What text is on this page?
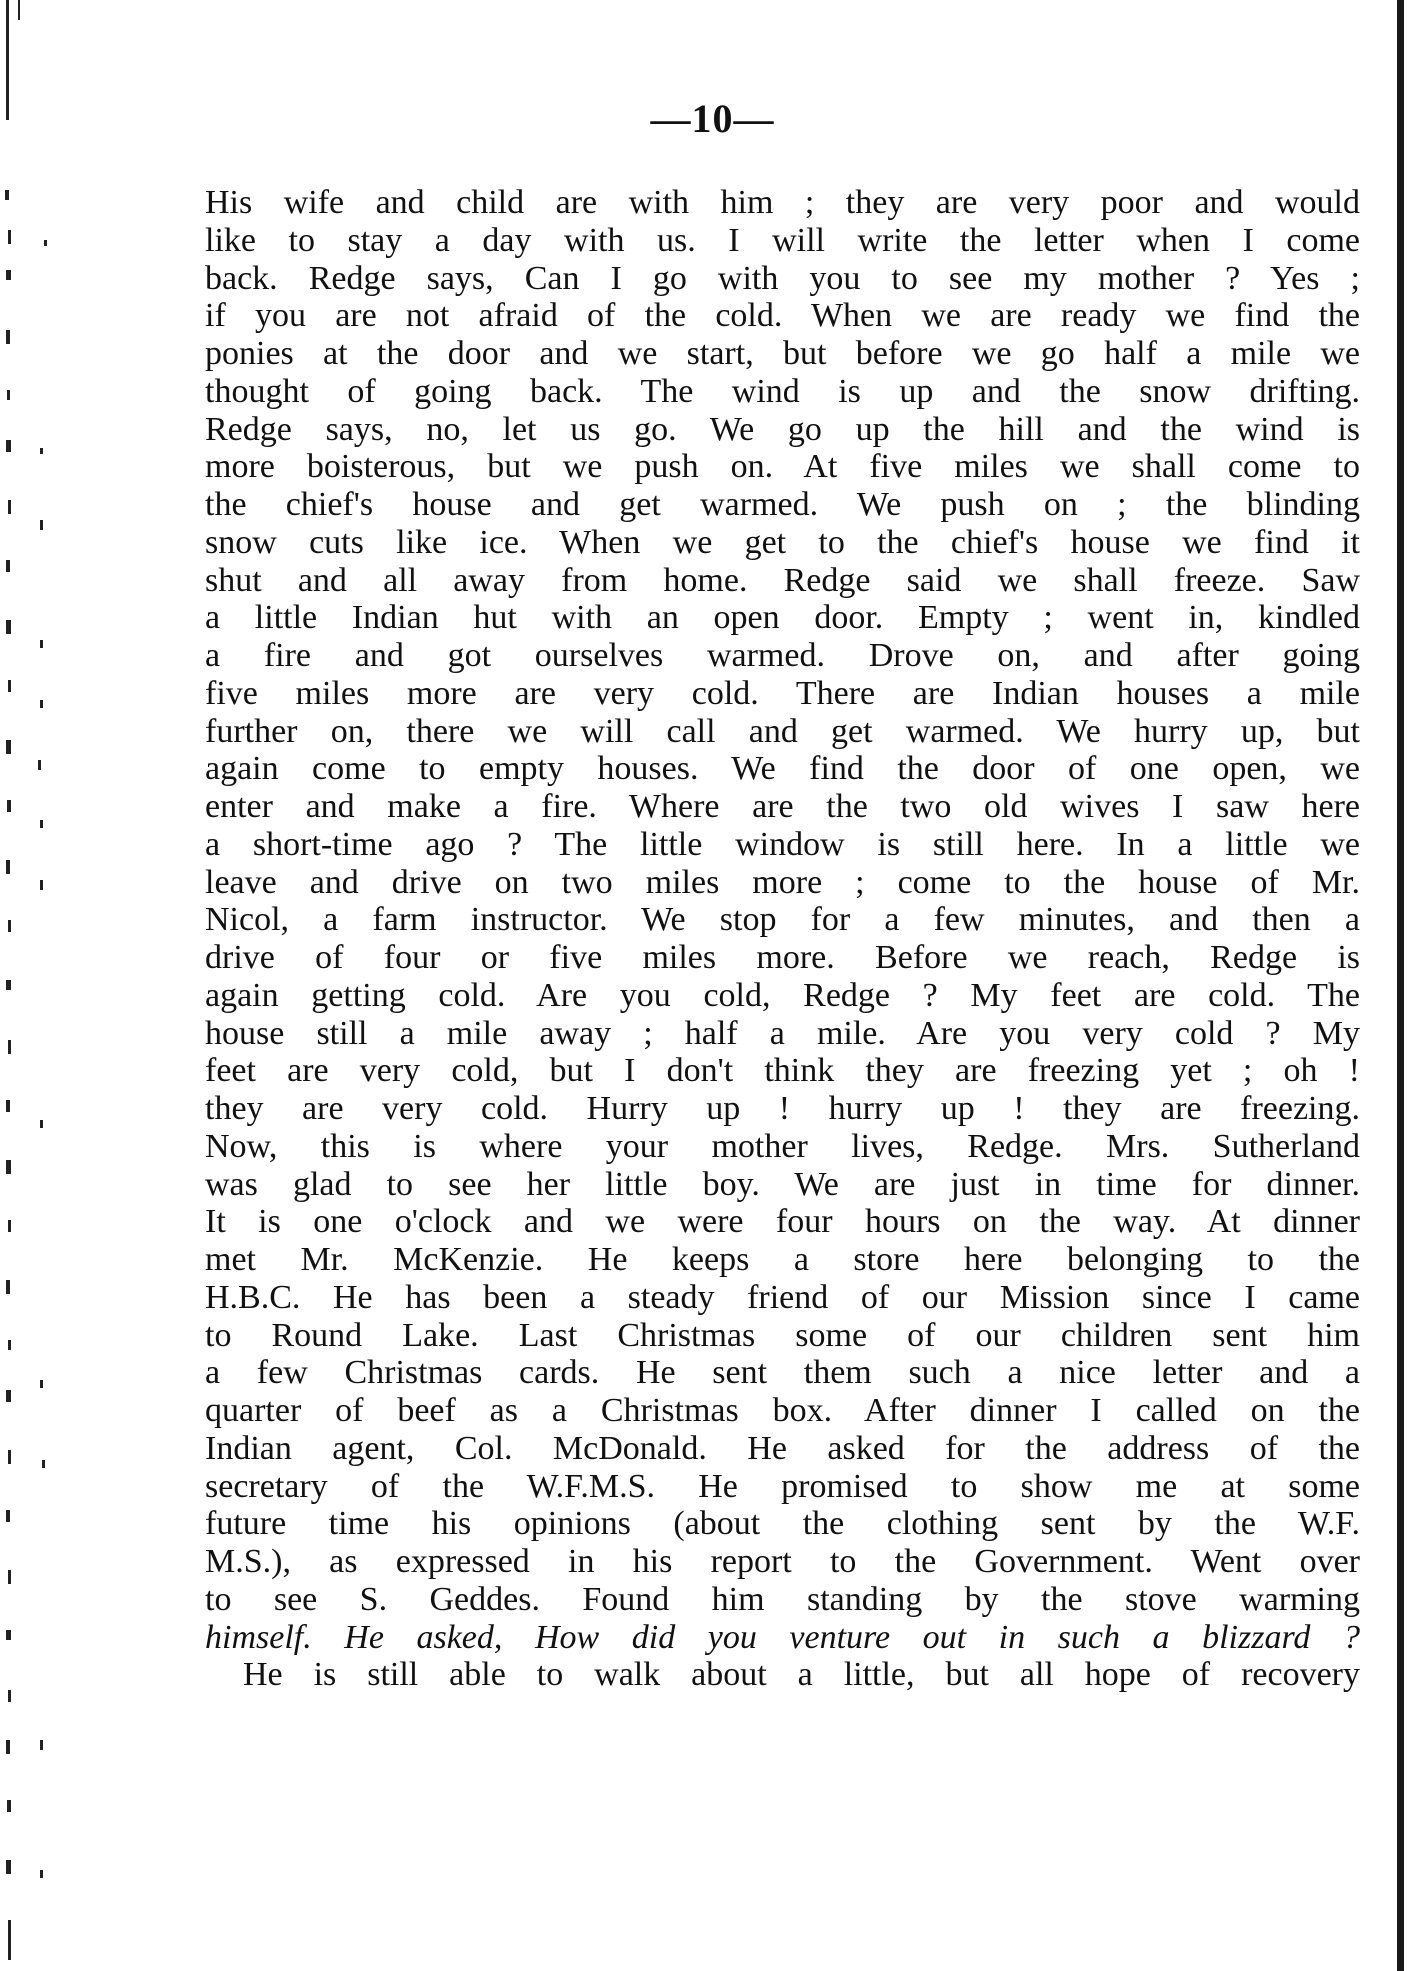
—10—
His wife and child are with him ; they are very poor and would
like to stay a day with us. I will write the letter when I come
back. Redge says, Can I go with you to see my mother ? Yes ;
if you are not afraid of the cold. When we are ready we find the
ponies at the door and we start, but before we go half a mile we
thought of going back. The wind is up and the snow drifting.
Redge says, no, let us go. We go up the hill and the wind is
more boisterous, but we push on. At five miles we shall come to
the chief's house and get warmed. We push on ; the blinding
snow cuts like ice. When we get to the chief's house we find it
shut and all away from home. Redge said we shall freeze. Saw
a little Indian hut with an open door. Empty ; went in, kindled
a fire and got ourselves warmed. Drove on, and after going
five miles more are very cold. There are Indian houses a mile
further on, there we will call and get warmed. We hurry up, but
again come to empty houses. We find the door of one open, we
enter and make a fire. Where are the two old wives I saw here
a short-time ago ? The little window is still here. In a little we
leave and drive on two miles more ; come to the house of Mr.
Nicol, a farm instructor. We stop for a few minutes, and then a
drive of four or five miles more. Before we reach, Redge is
again getting cold. Are you cold, Redge ? My feet are cold. The
house still a mile away ; half a mile. Are you very cold ? My
feet are very cold, but I don't think they are freezing yet ; oh !
they are very cold. Hurry up ! hurry up ! they are freezing.
Now, this is where your mother lives, Redge. Mrs. Sutherland
was glad to see her little boy. We are just in time for dinner.
It is one o'clock and we were four hours on the way. At dinner
met Mr. McKenzie. He keeps a store here belonging to the
H.B.C. He has been a steady friend of our Mission since I came
to Round Lake. Last Christmas some of our children sent him
a few Christmas cards. He sent them such a nice letter and a
quarter of beef as a Christmas box. After dinner I called on the
Indian agent, Col. McDonald. He asked for the address of the
secretary of the W.F.M.S. He promised to show me at some
future time his opinions (about the clothing sent by the W.F.
M.S.), as expressed in his report to the Government. Went over
to see S. Geddes. Found him standing by the stove warming
himself. He asked, How did you venture out in such a blizzard ?
He is still able to walk about a little, but all hope of recovery
